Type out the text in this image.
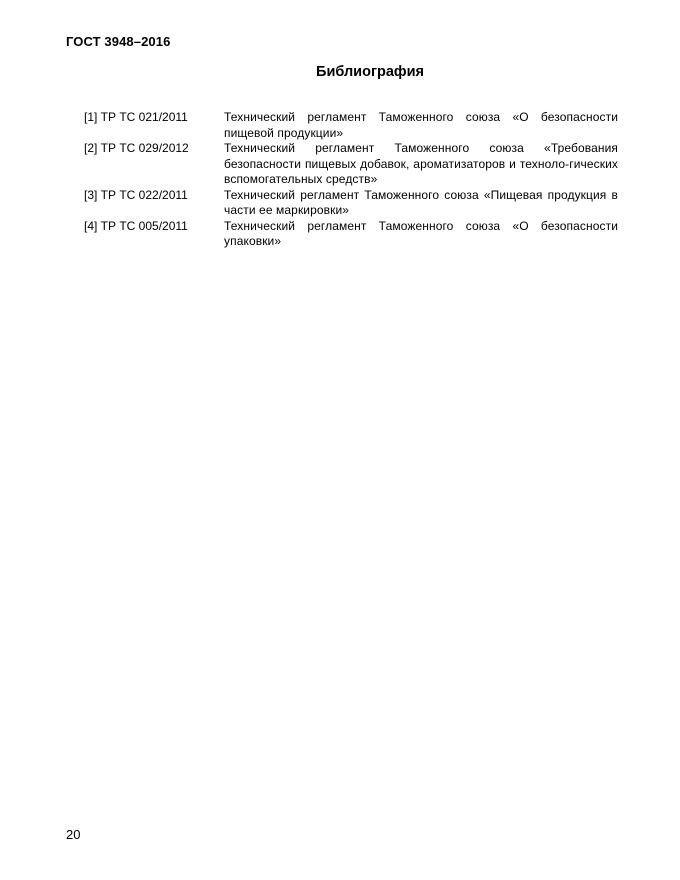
ГОСТ 3948–2016
Библиография
[1] ТР ТС 021/2011	Технический регламент Таможенного союза «О безопасности пищевой продукции»
[2] ТР ТС 029/2012	Технический регламент Таможенного союза «Требования безопасности пищевых добавок, ароматизаторов и техноло-гических вспомогательных средств»
[3] ТР ТС 022/2011	Технический регламент Таможенного союза «Пищевая продукция в части ее маркировки»
[4] ТР ТС 005/2011	Технический регламент Таможенного союза «О безопасности упаковки»
20
